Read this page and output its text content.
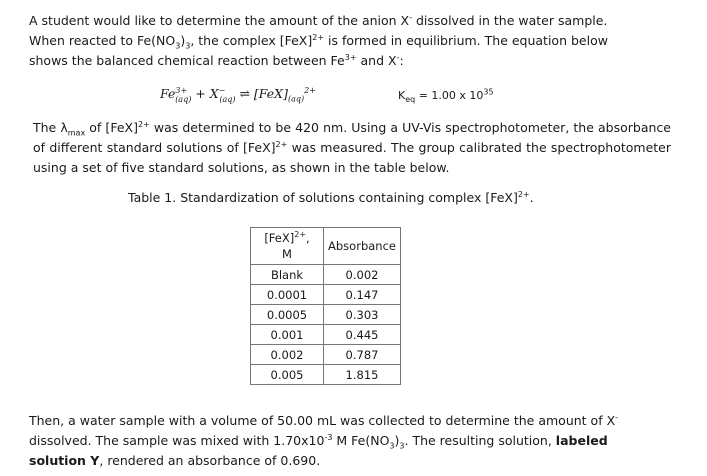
A student would like to determine the amount of the anion X- dissolved in the water sample.
When reacted to $Fe(NO_3)_3$, the complex [FeX]$^{2+}$ is formed in equilibrium. The equation below
shows the balanced chemical reaction between $Fe^{3+}$ and X-:

$Fe^{3+}_{(aq)} + X^-_{(aq)}$ ⇌ $[FeX]_{(aq)}^{2+}$	$K_{eq} = 1.00$ x $10^{35}$

The $\lambda_{max}$ of [FeX]$^{2+}$ was determined to be 420 nm. Using a UV-Vis spectrophotometer, the absorbance of different standard solutions of [FeX]$^{2+}$ was measured. The group calibrated the spectrophotometer using a set of five standard solutions, as shown in the table below.

Table 1. Standardization of solutions containing complex [FeX]$^{2+}$.

[FeX]$^{2+}$,
M	Absorbance
Blank	0.002
0.0001	0.147
0.0005	0.303
0.001	0.445
0.002	0.787
0.005	1.815

Then, a water sample with a volume of 50.00 mL was collected to determine the amount of X-
dissolved. The sample was mixed with $1.70x10^{-3}$ M $Fe(NO_3)_3$. The resulting solution, labeled
solution Y, rendered an absorbance of 0.690.
